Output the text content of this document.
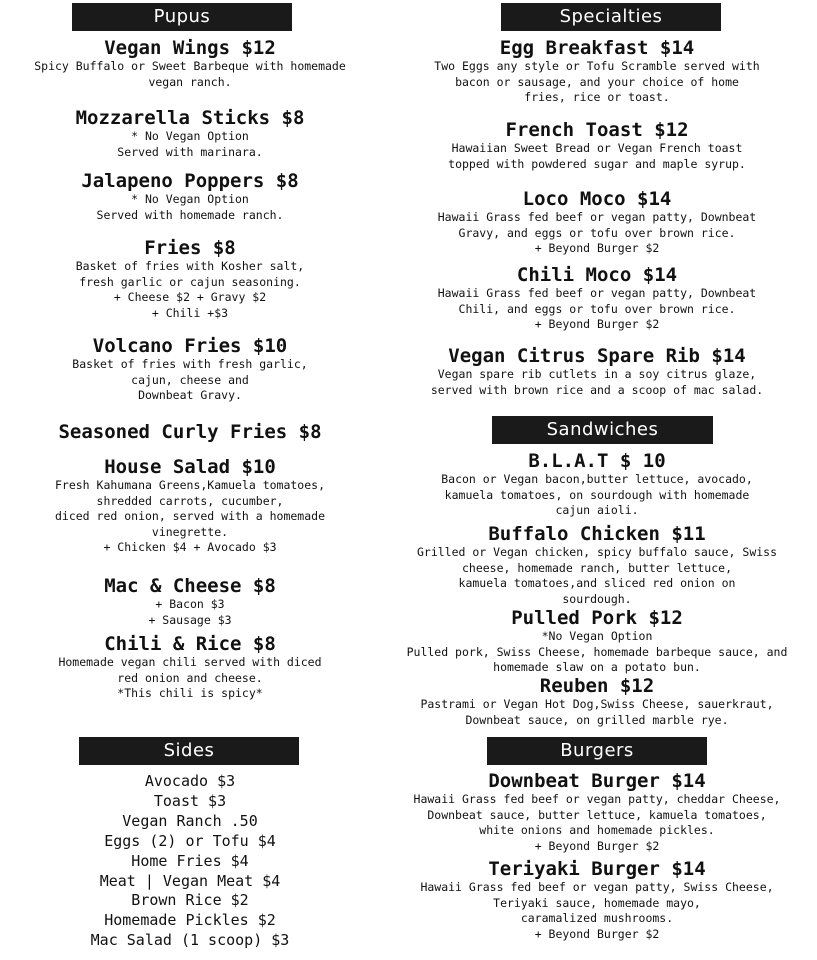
Pupus
Vegan Wings $12
Spicy Buffalo or Sweet Barbeque with homemade
vegan ranch.
Mozzarella Sticks $8
* No Vegan Option
Served with marinara.
Jalapeno Poppers $8
* No Vegan Option
Served with homemade ranch.
Fries $8
Basket of fries with Kosher salt,
fresh garlic or cajun seasoning.
+ Cheese $2 + Gravy $2
+ Chili +$3
Volcano Fries $10
Basket of fries with fresh garlic,
cajun, cheese and
Downbeat Gravy.
Seasoned Curly Fries $8
House Salad $10
Fresh Kahumana Greens,Kamuela tomatoes,
shredded carrots, cucumber,
diced red onion, served with a homemade
vinegrette.
+ Chicken $4 + Avocado $3
Mac & Cheese $8
+ Bacon $3
+ Sausage $3
Chili & Rice $8
Homemade vegan chili served with diced
red onion and cheese.
*This chili is spicy*
Sides
Avocado $3
Toast $3
Vegan Ranch .50
Eggs (2) or Tofu $4
Home Fries $4
Meat | Vegan Meat $4
Brown Rice $2
Homemade Pickles $2
Mac Salad (1 scoop) $3
Specialties
Egg Breakfast $14
Two Eggs any style or Tofu Scramble served with
bacon or sausage, and your choice of home
fries, rice or toast.
French Toast $12
Hawaiian Sweet Bread or Vegan French toast
topped with powdered sugar and maple syrup.
Loco Moco $14
Hawaii Grass fed beef or vegan patty, Downbeat
Gravy, and eggs or tofu over brown rice.
+ Beyond Burger $2
Chili Moco $14
Hawaii Grass fed beef or vegan patty, Downbeat
Chili, and eggs or tofu over brown rice.
+ Beyond Burger $2
Vegan Citrus Spare Rib $14
Vegan spare rib cutlets in a soy citrus glaze,
served with brown rice and a scoop of mac salad.
Sandwiches
B.L.A.T $ 10
Bacon or Vegan bacon,butter lettuce, avocado,
kamuela tomatoes, on sourdough with homemade
cajun aioli.
Buffalo Chicken $11
Grilled or Vegan chicken, spicy buffalo sauce, Swiss
cheese, homemade ranch, butter lettuce,
kamuela tomatoes,and sliced red onion on
sourdough.
Pulled Pork $12
*No Vegan Option
Pulled pork, Swiss Cheese, homemade barbeque sauce, and
homemade slaw on a potato bun.
Reuben $12
Pastrami or Vegan Hot Dog,Swiss Cheese, sauerkraut,
Downbeat sauce, on grilled marble rye.
Burgers
Downbeat Burger $14
Hawaii Grass fed beef or vegan patty, cheddar Cheese,
Downbeat sauce, butter lettuce, kamuela tomatoes,
white onions and homemade pickles.
+ Beyond Burger $2
Teriyaki Burger $14
Hawaii Grass fed beef or vegan patty, Swiss Cheese,
Teriyaki sauce, homemade mayo,
caramalized mushrooms.
+ Beyond Burger $2
